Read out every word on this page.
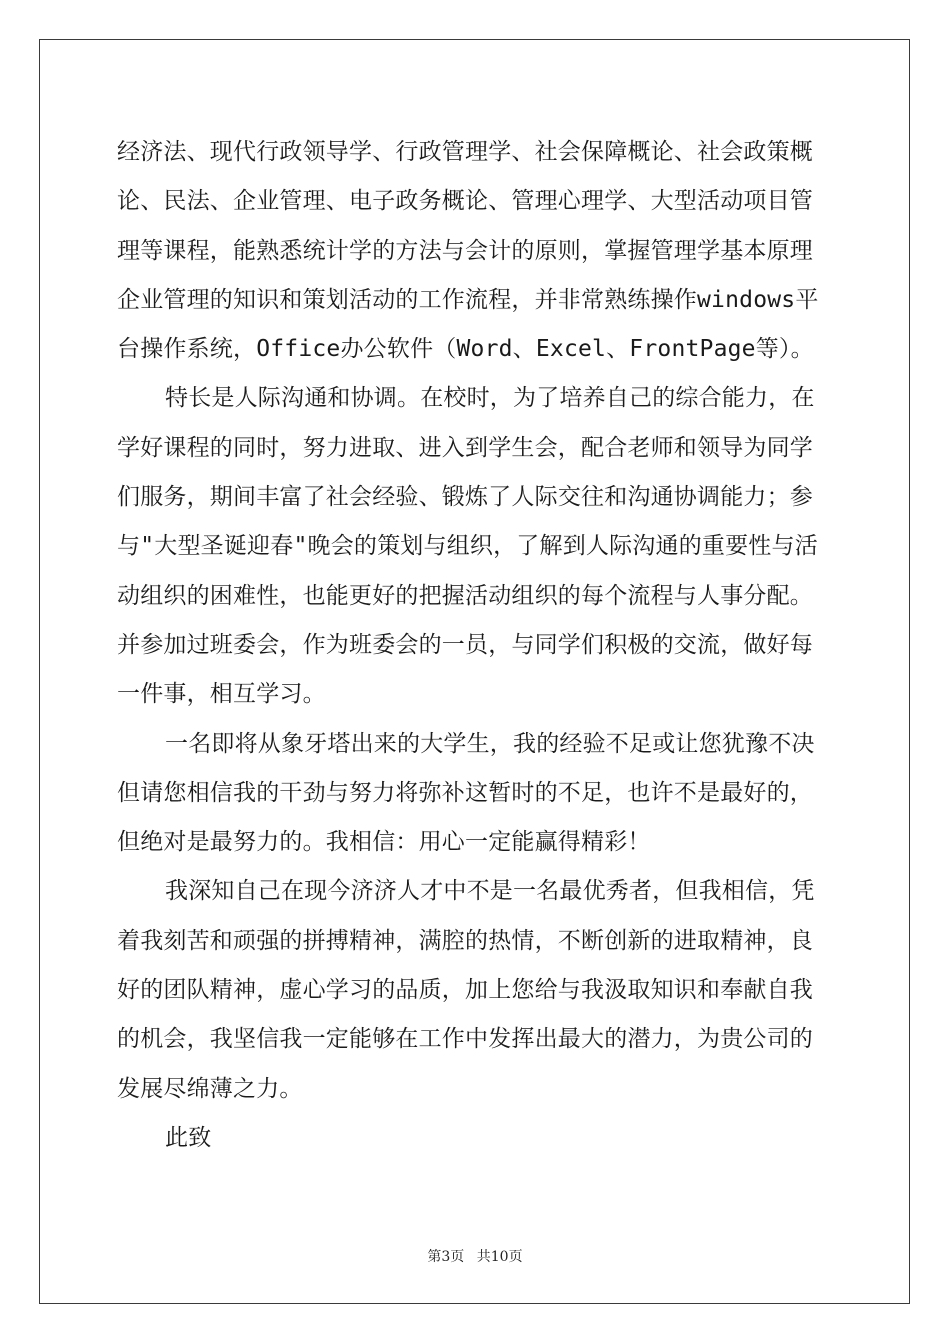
经济法、现代行政领导学、行政管理学、社会保障概论、社会政策概
论、民法、企业管理、电子政务概论、管理心理学、大型活动项目管
理等课程，能熟悉统计学的方法与会计的原则，掌握管理学基本原理
企业管理的知识和策划活动的工作流程，并非常熟练操作windows平
台操作系统，Office办公软件（Word、Excel、FrontPage等）。
特长是人际沟通和协调。在校时，为了培养自己的综合能力，在
学好课程的同时，努力进取、进入到学生会，配合老师和领导为同学
们服务，期间丰富了社会经验、锻炼了人际交往和沟通协调能力；参
与"大型圣诞迎春"晚会的策划与组织，了解到人际沟通的重要性与活
动组织的困难性，也能更好的把握活动组织的每个流程与人事分配。
并参加过班委会，作为班委会的一员，与同学们积极的交流，做好每
一件事，相互学习。
一名即将从象牙塔出来的大学生，我的经验不足或让您犹豫不决
但请您相信我的干劲与努力将弥补这暂时的不足，也许不是最好的，
但绝对是最努力的。我相信：用心一定能赢得精彩！
我深知自己在现今济济人才中不是一名最优秀者，但我相信，凭
着我刻苦和顽强的拼搏精神，满腔的热情，不断创新的进取精神，良
好的团队精神，虚心学习的品质，加上您给与我汲取知识和奉献自我
的机会，我坚信我一定能够在工作中发挥出最大的潜力，为贵公司的
发展尽绵薄之力。
此致
第3页 共10页
